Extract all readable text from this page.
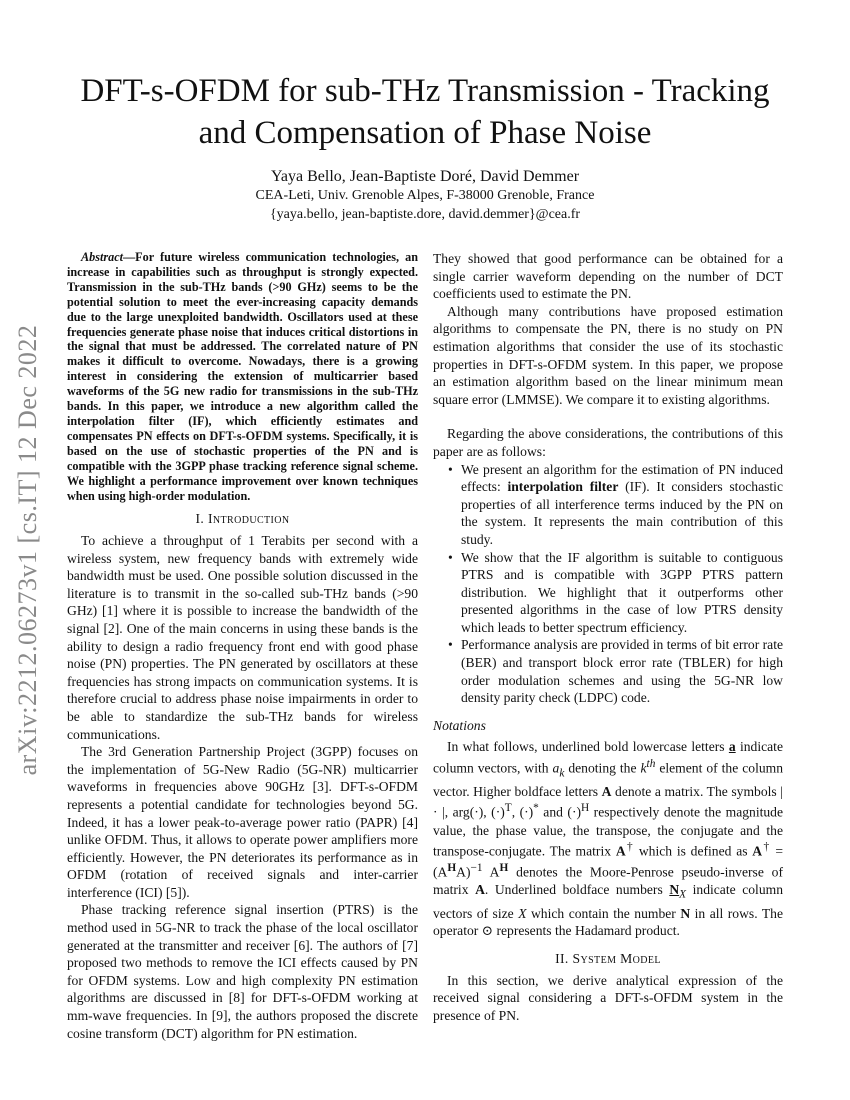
arXiv:2212.06273v1 [cs.IT] 12 Dec 2022
DFT-s-OFDM for sub-THz Transmission - Tracking and Compensation of Phase Noise
Yaya Bello, Jean-Baptiste Doré, David Demmer
CEA-Leti, Univ. Grenoble Alpes, F-38000 Grenoble, France
{yaya.bello, jean-baptiste.dore, david.demmer}@cea.fr

Abstract—For future wireless communication technologies, an increase in capabilities such as throughput is strongly expected. Transmission in the sub-THz bands (>90 GHz) seems to be the potential solution to meet the ever-increasing capacity demands due to the large unexploited bandwidth. Oscillators used at these frequencies generate phase noise that induces critical distortions in the signal that must be addressed. The correlated nature of PN makes it difficult to overcome. Nowadays, there is a growing interest in considering the extension of multicarrier based waveforms of the 5G new radio for transmissions in the sub-THz bands. In this paper, we introduce a new algorithm called the interpolation filter (IF), which efficiently estimates and compensates PN effects on DFT-s-OFDM systems. Specifically, it is based on the use of stochastic properties of the PN and is compatible with the 3GPP phase tracking reference signal scheme. We highlight a performance improvement over known techniques when using high-order modulation.

I. Introduction

To achieve a throughput of 1 Terabits per second with a wireless system, new frequency bands with extremely wide bandwidth must be used. One possible solution discussed in the literature is to transmit in the so-called sub-THz bands (>90 GHz) [1] where it is possible to increase the bandwidth of the signal [2]. One of the main concerns in using these bands is the ability to design a radio frequency front end with good phase noise (PN) properties. The PN generated by oscillators at these frequencies has strong impacts on communication systems. It is therefore crucial to address phase noise impairments in order to be able to standardize the sub-THz bands for wireless communications.

The 3rd Generation Partnership Project (3GPP) focuses on the implementation of 5G-New Radio (5G-NR) multicarrier waveforms in frequencies above 90GHz [3]. DFT-s-OFDM represents a potential candidate for technologies beyond 5G. Indeed, it has a lower peak-to-average power ratio (PAPR) [4] unlike OFDM. Thus, it allows to operate power amplifiers more efficiently. However, the PN deteriorates its performance as in OFDM (rotation of received signals and inter-carrier interference (ICI) [5]).

Phase tracking reference signal insertion (PTRS) is the method used in 5G-NR to track the phase of the local oscillator generated at the transmitter and receiver [6]. The authors of [7] proposed two methods to remove the ICI effects caused by PN for OFDM systems. Low and high complexity PN estimation algorithms are discussed in [8] for DFT-s-OFDM working at mm-wave frequencies. In [9], the authors proposed the discrete cosine transform (DCT) algorithm for PN estimation.

They showed that good performance can be obtained for a single carrier waveform depending on the number of DCT coefficients used to estimate the PN.

Although many contributions have proposed estimation algorithms to compensate the PN, there is no study on PN estimation algorithms that consider the use of its stochastic properties in DFT-s-OFDM system. In this paper, we propose an estimation algorithm based on the linear minimum mean square error (LMMSE). We compare it to existing algorithms.

Regarding the above considerations, the contributions of this paper are as follows:

• We present an algorithm for the estimation of PN induced effects: interpolation filter (IF). It considers stochastic properties of all interference terms induced by the PN on the system. It represents the main contribution of this study.
• We show that the IF algorithm is suitable to contiguous PTRS and is compatible with 3GPP PTRS pattern distribution. We highlight that it outperforms other presented algorithms in the case of low PTRS density which leads to better spectrum efficiency.
• Performance analysis are provided in terms of bit error rate (BER) and transport block error rate (TBLER) for high order modulation schemes and using the 5G-NR low density parity check (LDPC) code.
Notations

In what follows, underlined bold lowercase letters a indicate column vectors, with $a_k$ denoting the $k^{th}$ element of the column vector. Higher boldface letters A denote a matrix. The symbols | · |, arg(·), $(\cdot)^T$, (·)* and $(\cdot)^H$ respectively denote the magnitude value, the phase value, the transpose, the conjugate and the transpose-conjugate. The matrix A† which is defined as $A^\dagger = (A^HA)^{-1}$ $A^H$ denotes the Moore-Penrose pseudo-inverse of matrix A. Underlined boldface numbers $N_X$ indicate column vectors of size X which contain the number N in all rows. The operator ⊙ represents the Hadamard product.

II. System Model

In this section, we derive analytical expression of the received signal considering a DFT-s-OFDM system in the presence of PN.
